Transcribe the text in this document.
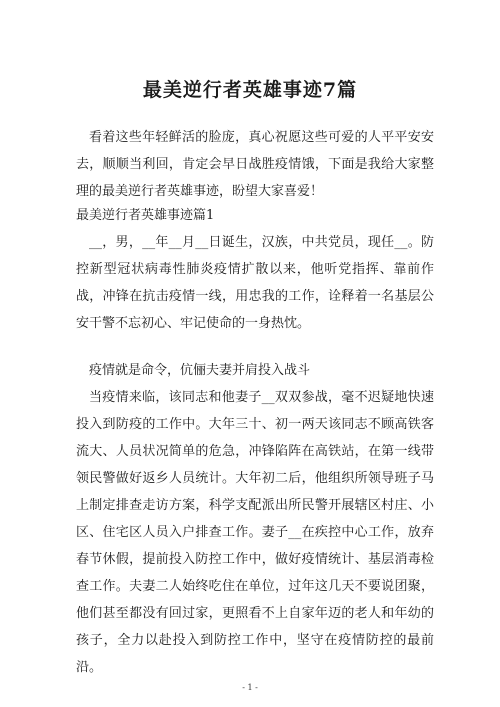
最美逆行者英雄事迹7篇

看着这些年轻鲜活的脸庞，真心祝愿这些可爱的人平平安安去，顺顺当利回，肯定会早日战胜疫情饿，下面是我给大家整理的最美逆行者英雄事迹，盼望大家喜爱！

最美逆行者英雄事迹篇1

__，男，__年__月__日诞生，汉族，中共党员，现任__。防控新型冠状病毒性肺炎疫情扩散以来，他听党指挥、靠前作战，冲锋在抗击疫情一线，用忠我的工作，诠释着一名基层公安干警不忘初心、牢记使命的一身热忱。

疫情就是命令，伉俪夫妻并肩投入战斗

当疫情来临，该同志和他妻子__双双参战，毫不迟疑地快速投入到防疫的工作中。大年三十、初一两天该同志不顾高铁客流大、人员状况简单的危急，冲锋陷阵在高铁站，在第一线带领民警做好返乡人员统计。大年初二后，他组织所领导班子马上制定排查走访方案，科学支配派出所民警开展辖区村庄、小区、住宅区人员入户排查工作。妻子__在疾控中心工作，放弃春节休假，提前投入防控工作中，做好疫情统计、基层消毒检查工作。夫妻二人始终吃住在单位，过年这几天不要说团聚，他们甚至都没有回过家，更照看不上自家年迈的老人和年幼的孩子，全力以赴投入到防控工作中，坚守在疫情防控的最前沿。

- 1 -
